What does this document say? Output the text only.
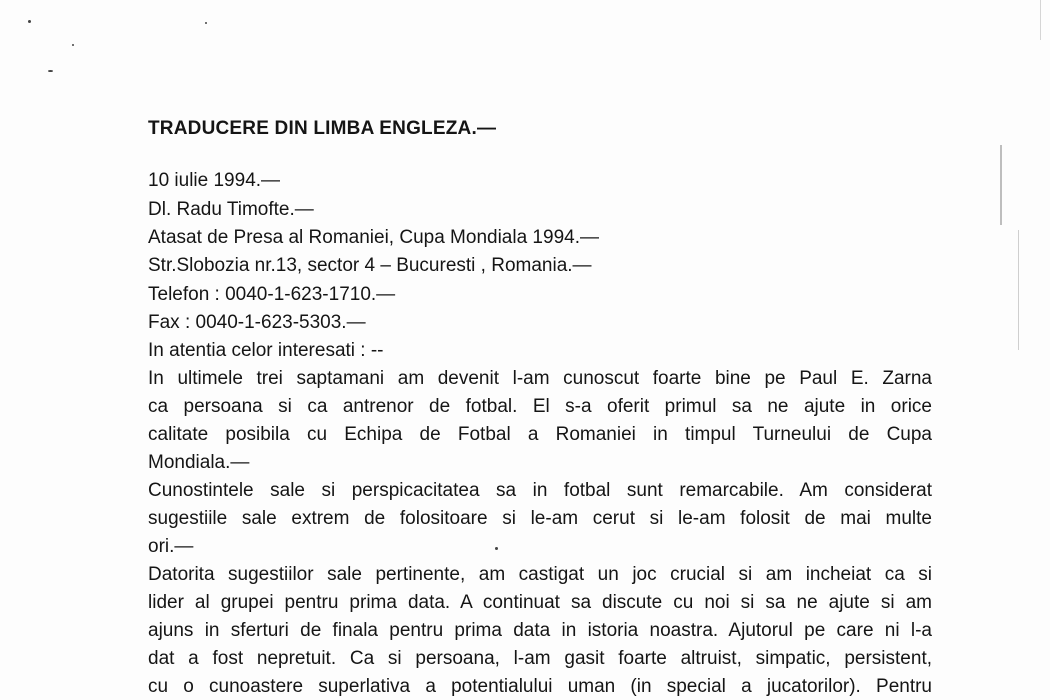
TRADUCERE DIN LIMBA ENGLEZA.—
10 iulie 1994.—
Dl. Radu Timofte.—
Atasat de Presa al Romaniei, Cupa Mondiala 1994.—
Str.Slobozia nr.13, sector 4 – Bucuresti , Romania.—
Telefon : 0040-1-623-1710.—
Fax : 0040-1-623-5303.—
In atentia celor interesati : --
In ultimele trei saptamani am devenit l-am cunoscut foarte bine pe Paul E. Zarna
ca persoana si ca antrenor de fotbal. El s-a oferit primul sa ne ajute in orice
calitate posibila cu Echipa de Fotbal a Romaniei in timpul Turneului de Cupa
Mondiala.—
Cunostintele sale si perspicacitatea sa in fotbal sunt remarcabile. Am considerat
sugestiile sale extrem de folositoare si le-am cerut si le-am folosit de mai multe
ori.—
Datorita sugestiilor sale pertinente, am castigat un joc crucial si am incheiat ca si
lider al grupei pentru prima data. A continuat sa discute cu noi si sa ne ajute si am
ajuns in sferturi de finala pentru prima data in istoria noastra. Ajutorul pe care ni l-a
dat a fost nepretuit. Ca si persoana, l-am gasit foarte altruist, simpatic, persistent,
cu o cunoastere superlativa a potentialului uman (in special a jucatorilor). Pentru
